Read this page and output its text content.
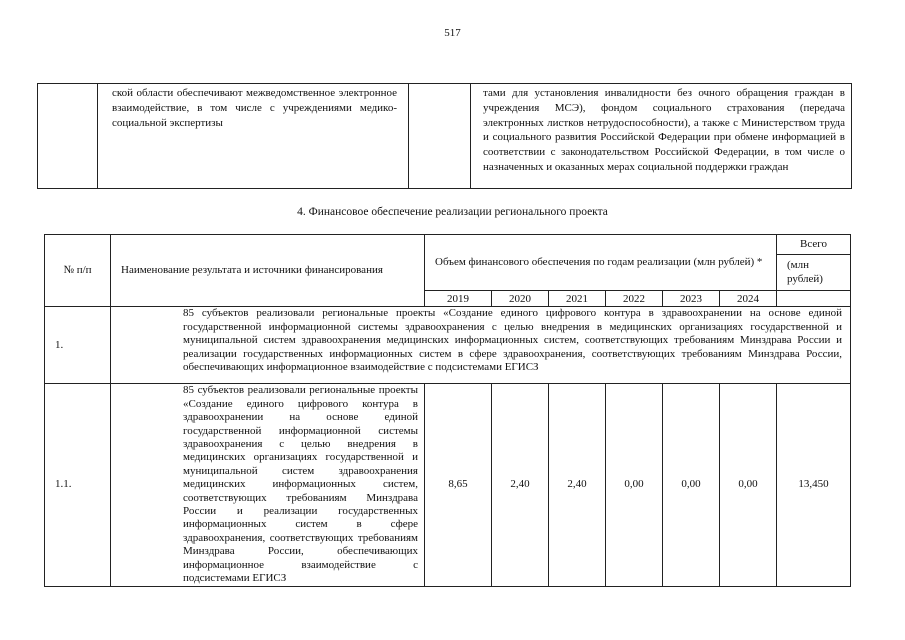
517
ской области обеспечивают межведомственное электронное взаимодействие, в том числе с учреждениями медико-социальной экспертизы
тами для установления инвалидности без очного обращения граждан в учреждения МСЭ), фондом социального страхования (передача электронных листков нетрудоспособности), а также с Министерством труда и социального развития Российской Федерации при обмене информацией в соответствии с законодательством Российской Федерации, в том числе о назначенных и оказанных мерах социальной поддержки граждан
4. Финансовое обеспечение реализации регионального проекта
№ п/п	Наименование результата и источники финансирования	Объем финансового обеспечения по годам реализации (млн рублей) *						Всего
								(млн рублей)
		2019	2020	2021	2022	2023	2024	
1.	85 субъектов реализовали региональные проекты «Создание единого цифрового контура в здравоохранении на основе единой государственной информационной системы здравоохранения с целью внедрения в медицинских организациях государственной и муниципальной систем здравоохранения медицинских информационных систем, соответствующих требованиям Минздрава России и реализации государственных информационных систем в сфере здравоохранения, соответствующих требованиям Минздрава России, обеспечивающих информационное взаимодействие с подсистемами ЕГИСЗ							
1.1.	85 субъектов реализовали региональные проекты «Создание единого цифрового контура в здравоохранении на основе единой государственной информационной системы здравоохранения с целью внедрения в медицинских организациях государственной и муниципальной систем здравоохранения медицинских информационных систем, соответствующих требованиям Минздрава России и реализации государственных информационных систем в сфере здравоохранения, соответствующих требованиям Минздрава России, обеспечивающих информационное взаимодействие с подсистемами ЕГИСЗ	8,65	2,40	2,40	0,00	0,00	0,00	13,450
